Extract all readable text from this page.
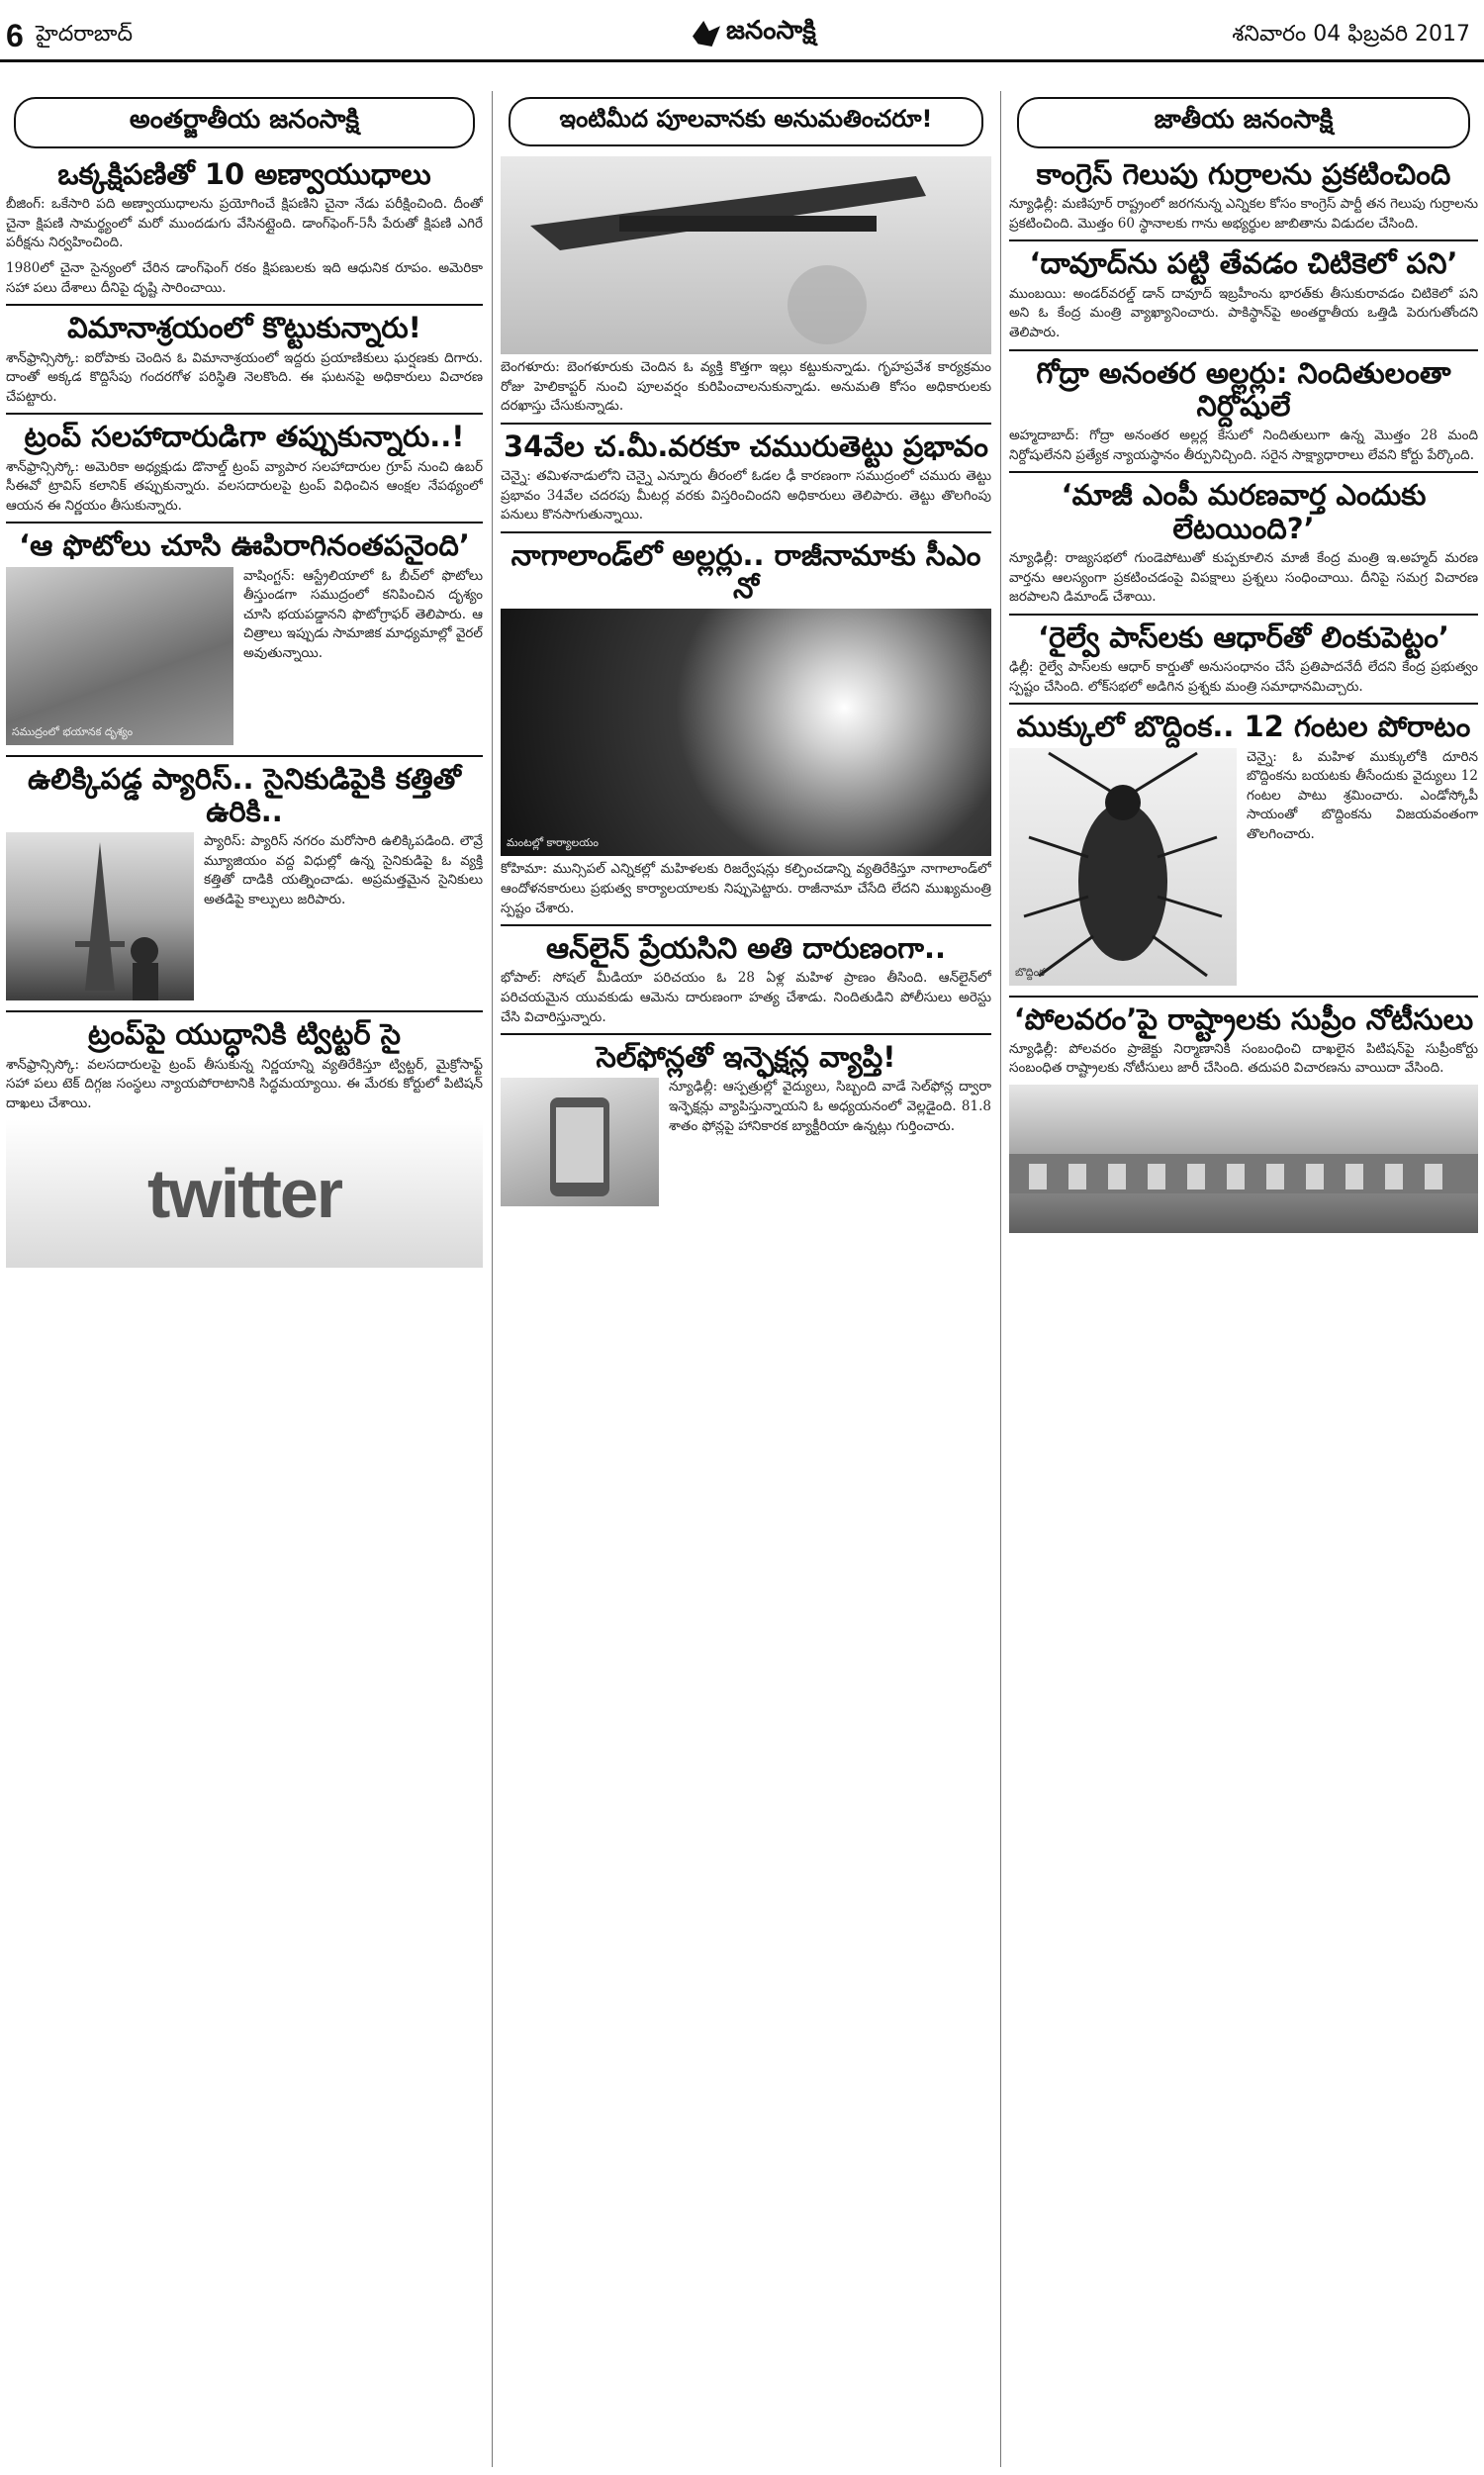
6 హైదరాబాద్	జనంసాక్షి	శనివారం 04 ఫిబ్రవరి 2017
అంతర్జాతీయ జనంసాక్షి
ఒక్కక్షిపణితో 10 అణ్వాయుధాలు

బీజింగ్‌: ఒకేసారి పది అణ్వాయుధాలను ప్రయోగించే క్షిపణిని చైనా నేడు పరీక్షించింది. దీంతో చైనా క్షిపణి సామర్థ్యంలో మరో ముందడుగు వేసినట్లైంది. డాంగ్‌ఫెంగ్‌-5సీ పేరుతో క్షిపణి ఎగిరే పరీక్షను నిర్వహించింది.

1980లో చైనా సైన్యంలో చేరిన డాంగ్‌ఫెంగ్‌ రకం క్షిపణులకు ఇది ఆధునిక రూపం. అమెరికా సహా పలు దేశాలు దీనిపై దృష్టి సారించాయి.

విమానాశ్రయంలో కొట్టుకున్నారు!

శాన్‌ఫ్రాన్సిస్కో: ఐరోపాకు చెందిన ఓ విమానాశ్రయంలో ఇద్దరు ప్రయాణికులు ఘర్షణకు దిగారు. దాంతో అక్కడ కొద్దిసేపు గందరగోళ పరిస్థితి నెలకొంది. ఈ ఘటనపై అధికారులు విచారణ చేపట్టారు.

ట్రంప్‌ సలహాదారుడిగా తప్పుకున్నారు..!

శాన్‌ఫ్రాన్సిస్కో: అమెరికా అధ్యక్షుడు డొనాల్డ్‌ ట్రంప్‌ వ్యాపార సలహాదారుల గ్రూప్‌ నుంచి ఉబర్‌ సీఈవో ట్రావిస్‌ కలానిక్‌ తప్పుకున్నారు. వలసదారులపై ట్రంప్‌ విధించిన ఆంక్షల నేపథ్యంలో ఆయన ఈ నిర్ణయం తీసుకున్నారు.

‘ఆ ఫొటోలు చూసి ఊపిరాగినంతపనైంది’
సముద్రంలో భయానక దృశ్యం

వాషింగ్టన్‌: ఆస్ట్రేలియాలో ఓ బీచ్‌లో ఫొటోలు తీస్తుండగా సముద్రంలో కనిపించిన దృశ్యం చూసి భయపడ్డానని ఫొటోగ్రాఫర్‌ తెలిపారు. ఆ చిత్రాలు ఇప్పుడు సామాజిక మాధ్యమాల్లో వైరల్‌ అవుతున్నాయి.

ఉలిక్కిపడ్డ ప్యారిస్‌.. సైనికుడిపైకి కత్తితో ఉరికి..

ప్యారిస్‌: ప్యారిస్‌ నగరం మరోసారి ఉలిక్కిపడింది. లౌవ్రే మ్యూజియం వద్ద విధుల్లో ఉన్న సైనికుడిపై ఓ వ్యక్తి కత్తితో దాడికి యత్నించాడు. అప్రమత్తమైన సైనికులు అతడిపై కాల్పులు జరిపారు.

ట్రంప్‌పై యుద్ధానికి ట్విట్టర్‌ సై

శాన్‌ఫ్రాన్సిస్కో: వలసదారులపై ట్రంప్‌ తీసుకున్న నిర్ణయాన్ని వ్యతిరేకిస్తూ ట్విట్టర్‌, మైక్రోసాఫ్ట్‌ సహా పలు టెక్‌ దిగ్గజ సంస్థలు న్యాయపోరాటానికి సిద్ధమయ్యాయి. ఈ మేరకు కోర్టులో పిటిషన్‌ దాఖలు చేశాయి.

twitter
ఇంటిమీద పూలవానకు అనుమతించరూ!

బెంగళూరు: బెంగళూరుకు చెందిన ఓ వ్యక్తి కొత్తగా ఇల్లు కట్టుకున్నాడు. గృహప్రవేశ కార్యక్రమం రోజు హెలికాప్టర్‌ నుంచి పూలవర్షం కురిపించాలనుకున్నాడు. అనుమతి కోసం అధికారులకు దరఖాస్తు చేసుకున్నాడు.

34వేల చ.మీ.వరకూ చమురుతెట్టు ప్రభావం

చెన్నై: తమిళనాడులోని చెన్నై ఎన్నూరు తీరంలో ఓడల ఢీ కారణంగా సముద్రంలో చమురు తెట్టు ప్రభావం 34వేల చదరపు మీటర్ల వరకు విస్తరించిందని అధికారులు తెలిపారు. తెట్టు తొలగింపు పనులు కొనసాగుతున్నాయి.

నాగాలాండ్‌లో అల్లర్లు.. రాజీనామాకు సీఎం నో
మంటల్లో కార్యాలయం

కోహిమా: మున్సిపల్‌ ఎన్నికల్లో మహిళలకు రిజర్వేషన్లు కల్పించడాన్ని వ్యతిరేకిస్తూ నాగాలాండ్‌లో ఆందోళనకారులు ప్రభుత్వ కార్యాలయాలకు నిప్పుపెట్టారు. రాజీనామా చేసేది లేదని ముఖ్యమంత్రి స్పష్టం చేశారు.

ఆన్‌లైన్‌ ప్రేయసిని అతి దారుణంగా..

భోపాల్‌: సోషల్‌ మీడియా పరిచయం ఓ 28 ఏళ్ల మహిళ ప్రాణం తీసింది. ఆన్‌లైన్‌లో పరిచయమైన యువకుడు ఆమెను దారుణంగా హత్య చేశాడు. నిందితుడిని పోలీసులు అరెస్టు చేసి విచారిస్తున్నారు.

సెల్‌ఫోన్లతో ఇన్ఫెక్షన్ల వ్యాప్తి!

న్యూఢిల్లీ: ఆస్పత్రుల్లో వైద్యులు, సిబ్బంది వాడే సెల్‌ఫోన్ల ద్వారా ఇన్ఫెక్షన్లు వ్యాపిస్తున్నాయని ఓ అధ్యయనంలో వెల్లడైంది. 81.8 శాతం ఫోన్లపై హానికారక బ్యాక్టీరియా ఉన్నట్లు గుర్తించారు.

జాతీయ జనంసాక్షి
కాంగ్రెస్‌ గెలుపు గుర్రాలను ప్రకటించింది

న్యూఢిల్లీ: మణిపూర్‌ రాష్ట్రంలో జరగనున్న ఎన్నికల కోసం కాంగ్రెస్‌ పార్టీ తన గెలుపు గుర్రాలను ప్రకటించింది. మొత్తం 60 స్థానాలకు గాను అభ్యర్థుల జాబితాను విడుదల చేసింది.

‘దావూద్‌ను పట్టి తేవడం చిటికెలో పని’

ముంబయి: అండర్‌వరల్డ్‌ డాన్‌ దావూద్‌ ఇబ్రహీంను భారత్‌కు తీసుకురావడం చిటికెలో పని అని ఓ కేంద్ర మంత్రి వ్యాఖ్యానించారు. పాకిస్థాన్‌పై అంతర్జాతీయ ఒత్తిడి పెరుగుతోందని తెలిపారు.

గోద్రా అనంతర అల్లర్లు: నిందితులంతా నిర్దోషులే

అహ్మదాబాద్‌: గోద్రా అనంతర అల్లర్ల కేసులో నిందితులుగా ఉన్న మొత్తం 28 మంది నిర్దోషులేనని ప్రత్యేక న్యాయస్థానం తీర్పునిచ్చింది. సరైన సాక్ష్యాధారాలు లేవని కోర్టు పేర్కొంది.

‘మాజీ ఎంపీ మరణవార్త ఎందుకు లేటయింది?’

న్యూఢిల్లీ: రాజ్యసభలో గుండెపోటుతో కుప్పకూలిన మాజీ కేంద్ర మంత్రి ఇ.అహ్మద్‌ మరణ వార్తను ఆలస్యంగా ప్రకటించడంపై విపక్షాలు ప్రశ్నలు సంధించాయి. దీనిపై సమగ్ర విచారణ జరపాలని డిమాండ్‌ చేశాయి.

‘రైల్వే పాస్‌లకు ఆధార్‌తో లింకుపెట్టం’

ఢిల్లీ: రైల్వే పాస్‌లకు ఆధార్‌ కార్డుతో అనుసంధానం చేసే ప్రతిపాదనేదీ లేదని కేంద్ర ప్రభుత్వం స్పష్టం చేసింది. లోక్‌సభలో అడిగిన ప్రశ్నకు మంత్రి సమాధానమిచ్చారు.

ముక్కులో బొద్దింక.. 12 గంటల పోరాటం
బొద్దింక

చెన్నై: ఓ మహిళ ముక్కులోకి దూరిన బొద్దింకను బయటకు తీసేందుకు వైద్యులు 12 గంటల పాటు శ్రమించారు. ఎండోస్కోపీ సాయంతో బొద్దింకను విజయవంతంగా తొలగించారు.

‘పోలవరం’పై రాష్ట్రాలకు సుప్రీం నోటీసులు

న్యూఢిల్లీ: పోలవరం ప్రాజెక్టు నిర్మాణానికి సంబంధించి దాఖలైన పిటిషన్‌పై సుప్రీంకోర్టు సంబంధిత రాష్ట్రాలకు నోటీసులు జారీ చేసింది. తదుపరి విచారణను వాయిదా వేసింది.
